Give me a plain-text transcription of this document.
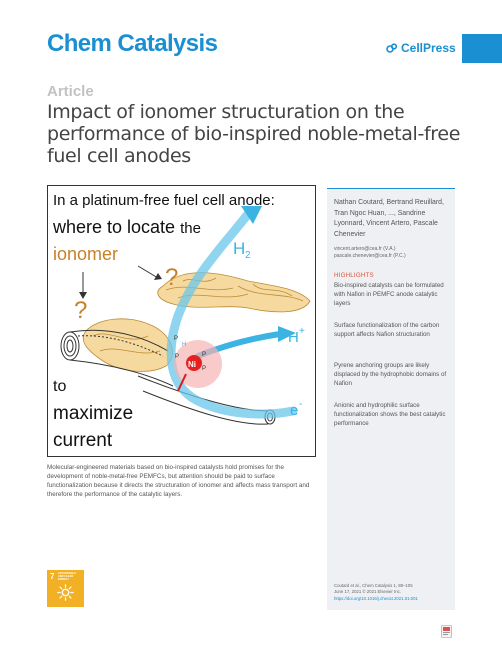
Chem Catalysis	CellPress
Article
Impact of ionomer structuration on the performance of bio-inspired noble-metal-free fuel cell anodes
H 2
H +
e -
?
?
Ni
P	P
P
P
H
In a platinum-free fuel cell anode:
where to locate the
ionomer
to
maximize
current
Molecular-engineered materials based on bio-inspired catalysts hold promises for the development of noble-metal-free PEMFCs, but attention should be paid to surface functionalization because it directs the structuration of ionomer and affects mass transport and therefore the performance of the catalytic layers.
7 AFFORDABLE AND CLEAN ENERGY
Nathan Coutard, Bertrand Reuillard, Tran Ngoc Huan, ..., Sandrine Lyonnard, Vincent Artero, Pascale Chenevier
vincent.artero@cea.fr (V.A.)
pascale.chenevier@cea.fr (P.C.)
HIGHLIGHTS
Bio-inspired catalysts can be formulated with Nafion in PEMFC anode catalytic layers
Surface functionalization of the carbon support affects Nafion structuration
Pyrene anchoring groups are likely displaced by the hydrophobic domains of Nafion
Anionic and hydrophilic surface functionalization shows the best catalytic performance
Coutard et al., Chem Catalysis 1, 88–105
June 17, 2021 © 2021 Elsevier Inc.
https://doi.org/10.1016/j.checat.2021.01.001
